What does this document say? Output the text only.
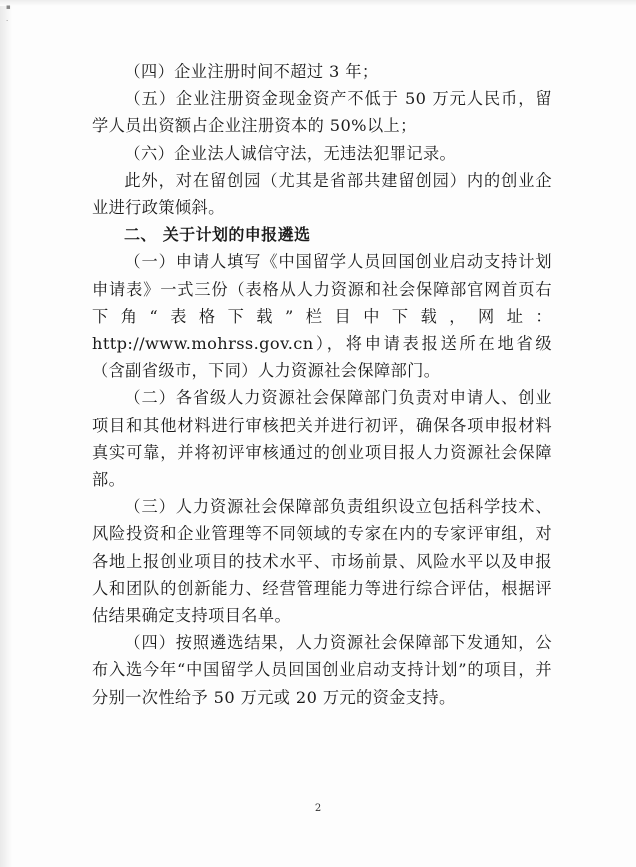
▪
·

（四）企业注册时间不超过 3 年；

（五）企业注册资金现金资产不低于 50 万元人民币，留学人员出资额占企业注册资本的 50%以上；

（六）企业法人诚信守法，无违法犯罪记录。

此外，对在留创园（尤其是省部共建留创园）内的创业企业进行政策倾斜。

二、 关于计划的申报遴选

（一）申请人填写《中国留学人员回国创业启动支持计划申请表》一式三份（表格从人力资源和社会保障部官网首页右下角“表格下载”栏目中下载，网址：

http://www.mohrss.gov.cn），将申请表报送所在地省级（含副省级市，下同）人力资源社会保障部门。

（二）各省级人力资源社会保障部门负责对申请人、创业项目和其他材料进行审核把关并进行初评，确保各项申报材料真实可靠，并将初评审核通过的创业项目报人力资源社会保障部。

（三）人力资源社会保障部负责组织设立包括科学技术、风险投资和企业管理等不同领域的专家在内的专家评审组，对各地上报创业项目的技术水平、市场前景、风险水平以及申报人和团队的创新能力、经营管理能力等进行综合评估，根据评估结果确定支持项目名单。

（四）按照遴选结果，人力资源社会保障部下发通知，公布入选今年“中国留学人员回国创业启动支持计划”的项目，并分别一次性给予 50 万元或 20 万元的资金支持。

2
